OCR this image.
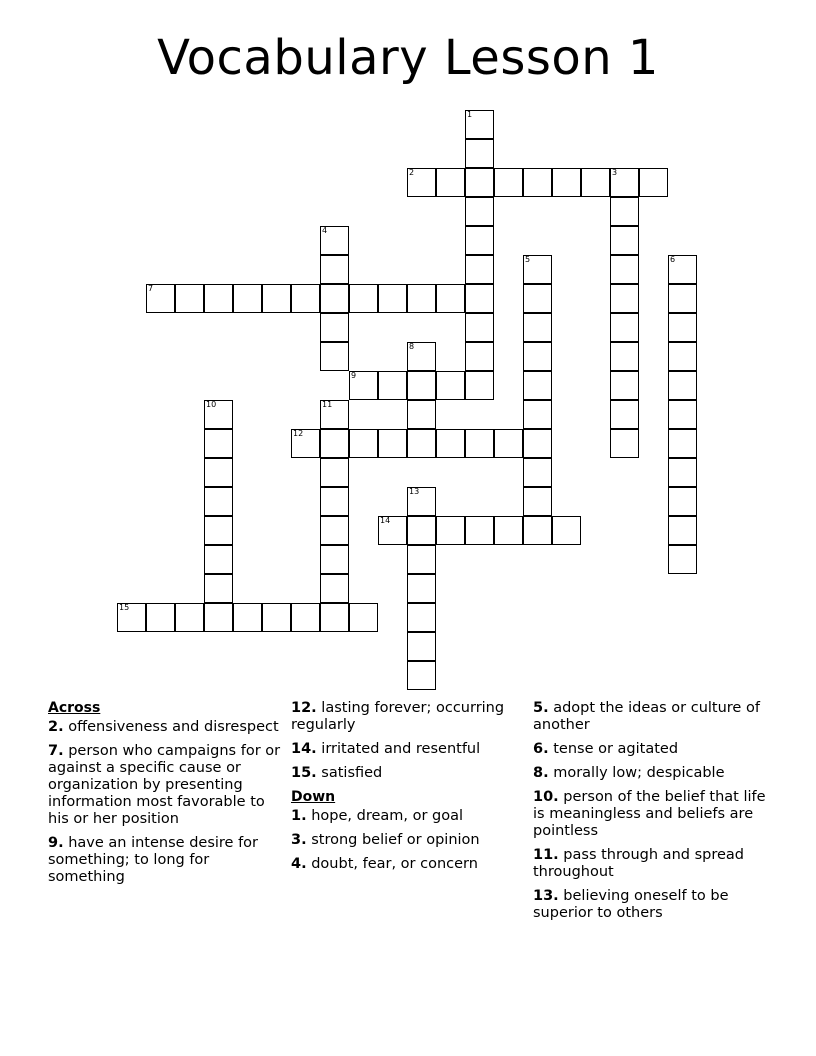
Vocabulary Lesson 1
1
2	3
4
5	6
7
8
9
10	11
12
13
14
15
Across
2. offensiveness and disrespect
7. person who campaigns for or against a specific cause or organization by presenting information most favorable to his or her position
9. have an intense desire for something; to long for something
12. lasting forever; occurring regularly
14. irritated and resentful
15. satisfied
Down
1. hope, dream, or goal
3. strong belief or opinion
4. doubt, fear, or concern
5. adopt the ideas or culture of another
6. tense or agitated
8. morally low; despicable
10. person of the belief that life is meaningless and beliefs are pointless
11. pass through and spread throughout
13. believing oneself to be superior to others
